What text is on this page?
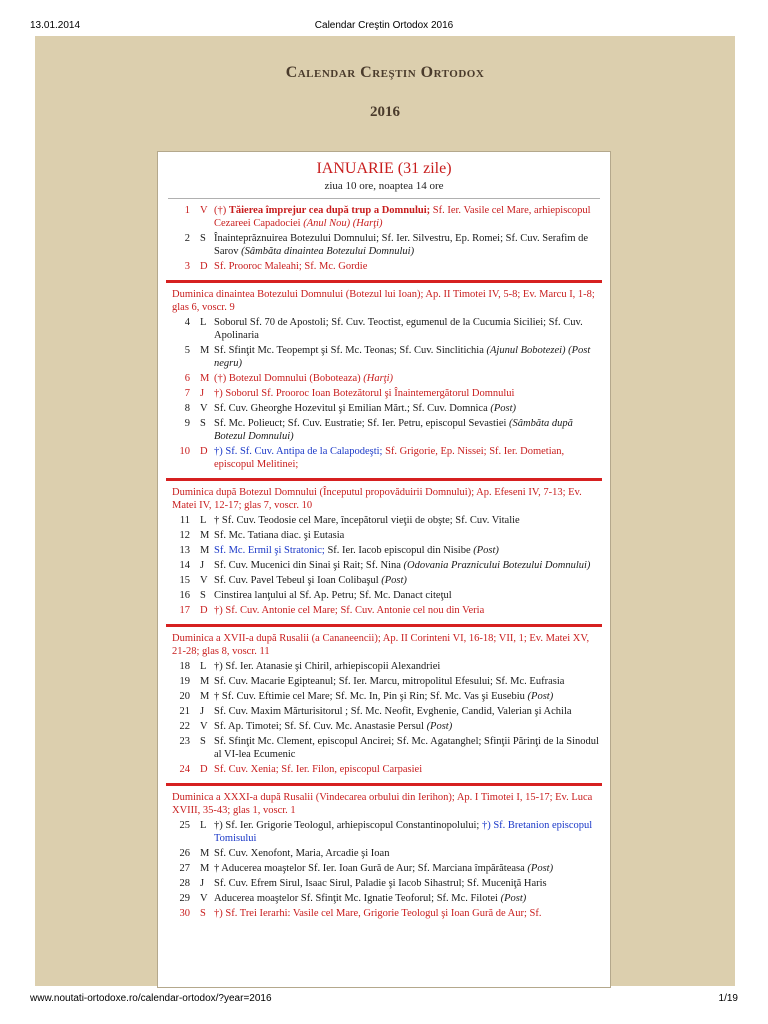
13.01.2014	Calendar Creştin Ortodox 2016
Calendar Creştin Ortodox
2016
IANUARIE (31 zile)
ziua 10 ore, noaptea 14 ore
1 V (†) Tăierea împrejur cea după trup a Domnului; Sf. Ier. Vasile cel Mare, arhiepiscopul Cezareei Capadociei (Anul Nou) (Harţi)
2 S Înainteprăznuirea Botezului Domnului; Sf. Ier. Silvestru, Ep. Romei; Sf. Cuv. Serafim de Sarov (Sâmbăta dinaintea Botezului Domnului)
3 D Sf. Prooroc Maleahi; Sf. Mc. Gordie
Duminica dinaintea Botezului Domnului (Botezul lui Ioan); Ap. II Timotei IV, 5-8; Ev. Marcu I, 1-8; glas 6, voscr. 9
4 L Soborul Sf. 70 de Apostoli; Sf. Cuv. Teoctist, egumenul de la Cucumia Siciliei; Sf. Cuv. Apolinaria
5 M Sf. Sfinţit Mc. Teopempt şi Sf. Mc. Teonas; Sf. Cuv. Sinclitichia (Ajunul Bobotezei) (Post negru)
6 M (†) Botezul Domnului (Boboteaza) (Harţi)
7 J †) Soborul Sf. Prooroc Ioan Botezătorul şi Înaintemergătorul Domnului
8 V Sf. Cuv. Gheorghe Hozevitul şi Emilian Mărt.; Sf. Cuv. Domnica (Post)
9 S Sf. Mc. Polieuct; Sf. Cuv. Eustratie; Sf. Ier. Petru, episcopul Sevastiei (Sâmbăta după Botezul Domnului)
10 D †) Sf. Sf. Cuv. Antipa de la Calapodeşti; Sf. Grigorie, Ep. Nissei; Sf. Ier. Dometian, episcopul Melitinei;
Duminica după Botezul Domnului (Începutul propovăduirii Domnului); Ap. Efeseni IV, 7-13; Ev. Matei IV, 12-17; glas 7, voscr. 10
11 L † Sf. Cuv. Teodosie cel Mare, începătorul vieţii de obşte; Sf. Cuv. Vitalie
12 M Sf. Mc. Tatiana diac. şi Eutasia
13 M Sf. Mc. Ermil şi Stratonic; Sf. Ier. Iacob episcopul din Nisibe (Post)
14 J Sf. Cuv. Mucenici din Sinai şi Rait; Sf. Nina (Odovania Praznicului Botezului Domnului)
15 V Sf. Cuv. Pavel Tebeul şi Ioan Colibaşul (Post)
16 S Cinstirea lanţului al Sf. Ap. Petru; Sf. Mc. Danact citeţul
17 D †) Sf. Cuv. Antonie cel Mare; Sf. Cuv. Antonie cel nou din Veria
Duminica a XVII-a după Rusalii (a Cananeencii); Ap. II Corinteni VI, 16-18; VII, 1; Ev. Matei XV, 21-28; glas 8, voscr. 11
18 L †) Sf. Ier. Atanasie şi Chiril, arhiepiscopii Alexandriei
19 M Sf. Cuv. Macarie Egipteanul; Sf. Ier. Marcu, mitropolitul Efesului; Sf. Mc. Eufrasia
20 M † Sf. Cuv. Eftimie cel Mare; Sf. Mc. In, Pin şi Rin; Sf. Mc. Vas şi Eusebiu (Post)
21 J Sf. Cuv. Maxim Mărturisitorul ; Sf. Mc. Neofit, Evghenie, Candid, Valerian şi Achila
22 V Sf. Ap. Timotei; Sf. Sf. Cuv. Mc. Anastasie Persul (Post)
23 S Sf. Sfinţit Mc. Clement, episcopul Ancirei; Sf. Mc. Agatanghel; Sfinţii Părinţi de la Sinodul al VI-lea Ecumenic
24 D Sf. Cuv. Xenia; Sf. Ier. Filon, episcopul Carpasiei
Duminica a XXXI-a după Rusalii (Vindecarea orbului din Ierihon); Ap. I Timotei I, 15-17; Ev. Luca XVIII, 35-43; glas 1, voscr. 1
25 L †) Sf. Ier. Grigorie Teologul, arhiepiscopul Constantinopolului; †) Sf. Bretanion episcopul Tomisului
26 M Sf. Cuv. Xenofont, Maria, Arcadie şi Ioan
27 M † Aducerea moaştelor Sf. Ier. Ioan Gură de Aur; Sf. Marciana împărăteasa (Post)
28 J Sf. Cuv. Efrem Sirul, Isaac Sirul, Paladie şi Iacob Sihastrul; Sf. Muceniţă Haris
29 V Aducerea moaştelor Sf. Sfinţit Mc. Ignatie Teoforul; Sf. Mc. Filotei (Post)
30 S †) Sf. Trei Ierarhi: Vasile cel Mare, Grigorie Teologul şi Ioan Gură de Aur; Sf.
www.noutati-ortodoxe.ro/calendar-ortodox/?year=2016	1/19
